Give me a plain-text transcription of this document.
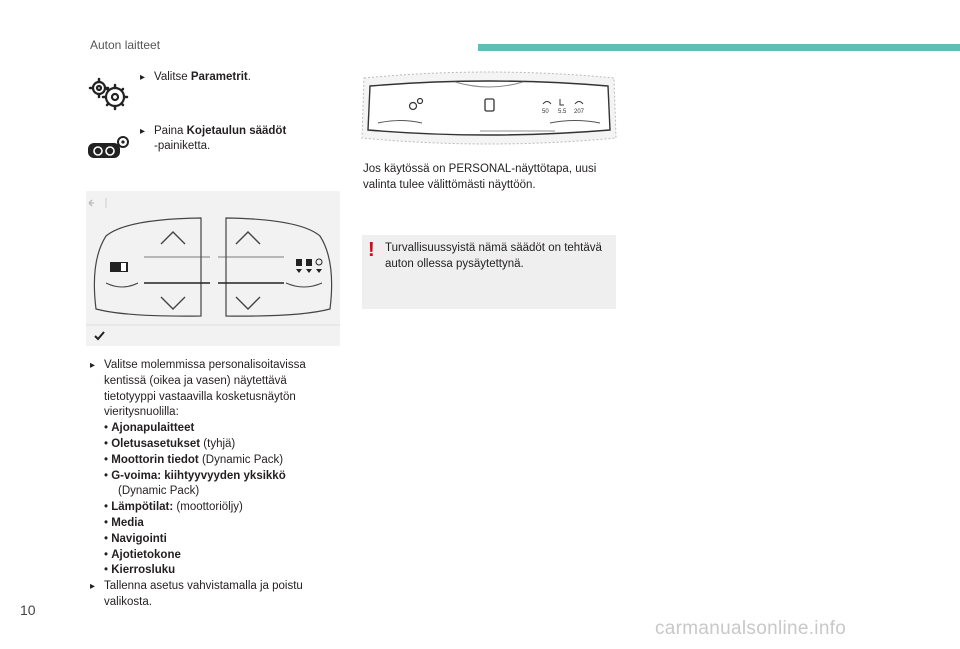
Auton laitteet
▸ Valitse Parametrit.
▸ Paina Kojetaulun säädöt
-painiketta.
▸ Valitse molemmissa personalisoitavissa
kentissä (oikea ja vasen) näytettävä
tietotyyppi vastaavilla kosketusnäytön
vieritysnuolilla:
• Ajonapulaitteet
• Oletusasetukset (tyhjä)
• Moottorin tiedot (Dynamic Pack)
• G-voima: kiihtyyvyyden yksikkö
(Dynamic Pack)
• Lämpötilat: (moottoriöljy)
• Media
• Navigointi
• Ajotietokone
• Kierrosluku
▸ Tallenna asetus vahvistamalla ja poistu
valikosta.
50 5.5 207
Jos käytössä on PERSONAL-näyttötapa, uusi
valinta tulee välittömästi näyttöön.
! Turvallisuussyistä nämä säädöt on tehtävä
auton ollessa pysäytettynä.
10
carmanualsonline.info
